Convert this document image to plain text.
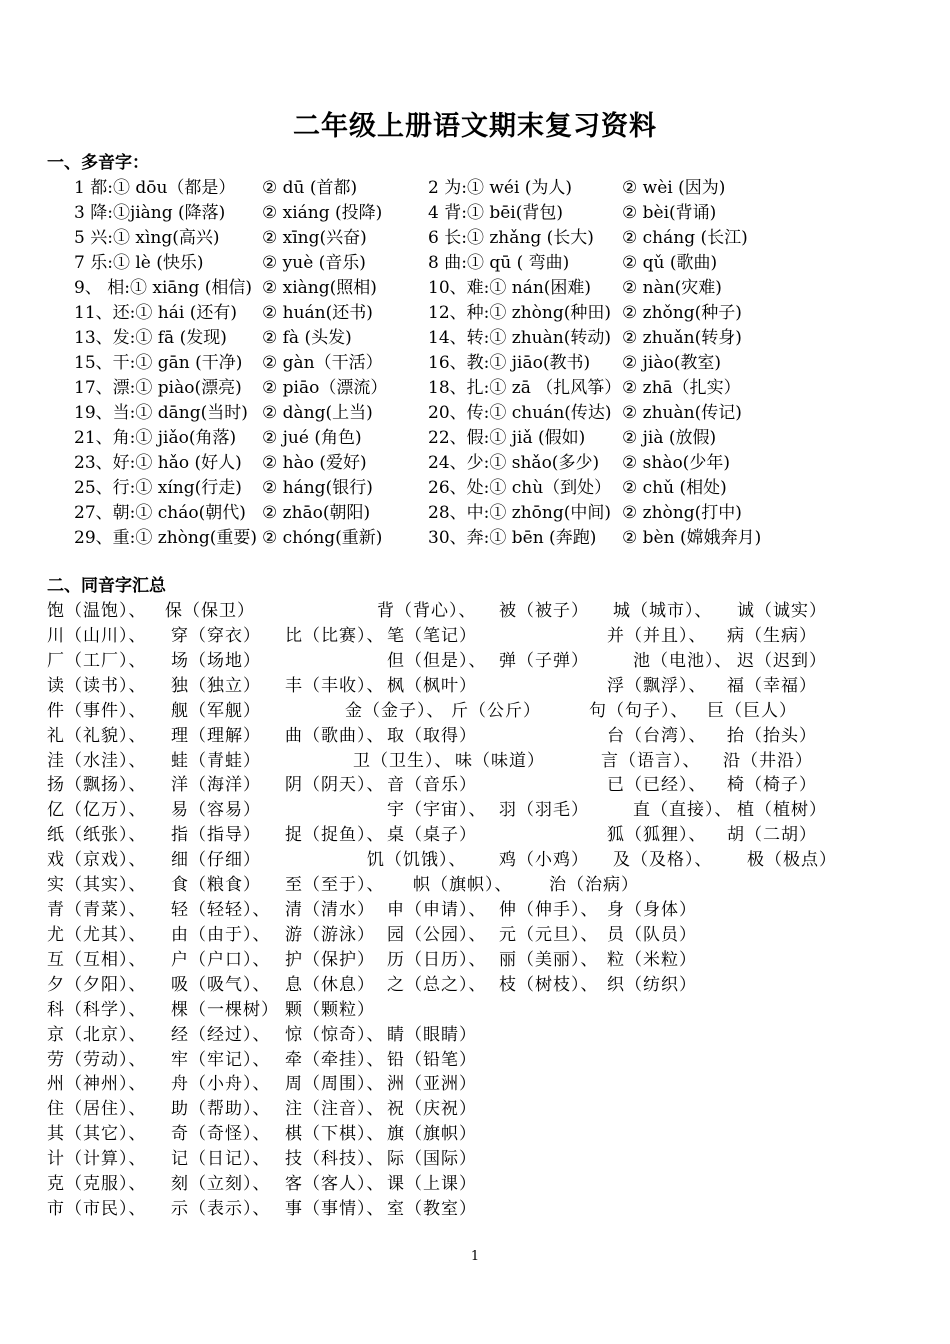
二年级上册语文期末复习资料
一、多音字：
1 都:① dōu（都是） ② dū (首都)	2 为:① wéi (为人)	② wèi (因为)
3 降:①jiàng (降落) ② xiáng (投降)	4 背:① bēi(背包)	② bèi(背诵)
5 兴:① xìng(高兴)	② xīng(兴奋)	6 长:① zhǎng (长大) ② cháng (长江)
7 乐:① lè (快乐)	② yuè (音乐)	8 曲:① qū ( 弯曲)	② qǔ (歌曲)
9、 相:① xiāng (相信) ② xiàng(照相)	10、难:① nán(困难) ② nàn(灾难)
11、还:① hái (还有) ② huán(还书)	12、种:① zhòng(种田) ② zhǒng(种子)
13、发:① fā (发现) ② fà (头发)	14、转:① zhuàn(转动) ② zhuǎn(转身)
15、干:① gān (干净) ② gàn（干活）	16、教:① jiāo(教书) ② jiào(教室)
17、漂:① piào(漂亮) ② piāo（漂流） 18、扎:① zā （扎风筝） ② zhā（扎实）
19、当:① dāng(当时) ② dàng(上当)	20、传:① chuán(传达) ② zhuàn(传记)
21、角:① jiǎo(角落) ② jué (角色)	22、假:① jiǎ (假如) ② jià (放假)
23、好:① hǎo (好人) ② hào (爱好)	24、少:① shǎo(多少) ② shào(少年)
25、行:① xíng(行走) ② háng(银行)	26、处:① chù（到处） ② chǔ (相处)
27、朝:① cháo(朝代) ② zhāo(朝阳)	28、中:① zhōng(中间) ② zhòng(打中)
29、重:① zhòng(重要) ② chóng(重新)	30、奔:① bēn (奔跑) ② bèn (嫦娥奔月)
二、同音字汇总
饱（温饱）、 保（保卫）	背（背心）、 被（被子） 城（城市）、 诚（诚实）
川（山川）、 穿（穿衣） 比（比赛）、 笔（笔记）	并（并且）、 病（生病）
厂（工厂）、 场（场地）	但（但是）、 弹（子弹）	池（电池）、 迟（迟到）
读（读书）、 独（独立） 丰（丰收）、 枫（枫叶）	浮（飘浮）、 福（幸福）
件（事件）、 舰（军舰）	金（金子）、 斤（公斤）	句（句子）、 巨（巨人）
礼（礼貌）、 理（理解） 曲（歌曲）、 取（取得）	台（台湾）、 抬（抬头）
洼（水洼）、 蛙（青蛙）	卫（卫生）、 味（味道）	言（语言）、 沿（井沿）
扬（飘扬）、 洋（海洋） 阴（阴天）、 音（音乐）	已（已经）、 椅（椅子）
亿（亿万）、 易（容易）	宇（宇宙）、 羽（羽毛）	直（直接）、 植（植树）
纸（纸张）、 指（指导） 捉（捉鱼）、 桌（桌子）	狐（狐狸）、 胡（二胡）
戏（京戏）、 细（仔细）	饥（饥饿）、 鸡（小鸡） 及（及格）、 极（极点）
实（其实）、 食（粮食） 至（至于）、 帜（旗帜）、 治（治病）
青（青菜）、 轻（轻轻）、 清（清水） 申（申请）、 伸（伸手）、 身（身体）
尤（尤其）、 由（由于）、 游（游泳） 园（公园）、 元（元旦）、 员（队员）
互（互相）、 户（户口）、 护（保护） 历（日历）、 丽（美丽）、 粒（米粒）
夕（夕阳）、 吸（吸气）、 息（休息） 之（总之）、 枝（树枝）、 织（纺织）
科（科学）、 棵（一棵树） 颗（颗粒）
京（北京）、 经（经过）、 惊（惊奇）、 睛（眼睛）
劳（劳动）、 牢（牢记）、 牵（牵挂）、 铅（铅笔）
州（神州）、 舟（小舟）、 周（周围）、 洲（亚洲）
住（居住）、 助（帮助）、 注（注音）、 祝（庆祝）
其（其它）、 奇（奇怪）、 棋（下棋）、 旗（旗帜）
计（计算）、 记（日记）、 技（科技）、 际（国际）
克（克服）、 刻（立刻）、 客（客人）、 课（上课）
市（市民）、 示（表示）、 事（事情）、 室（教室）
1
